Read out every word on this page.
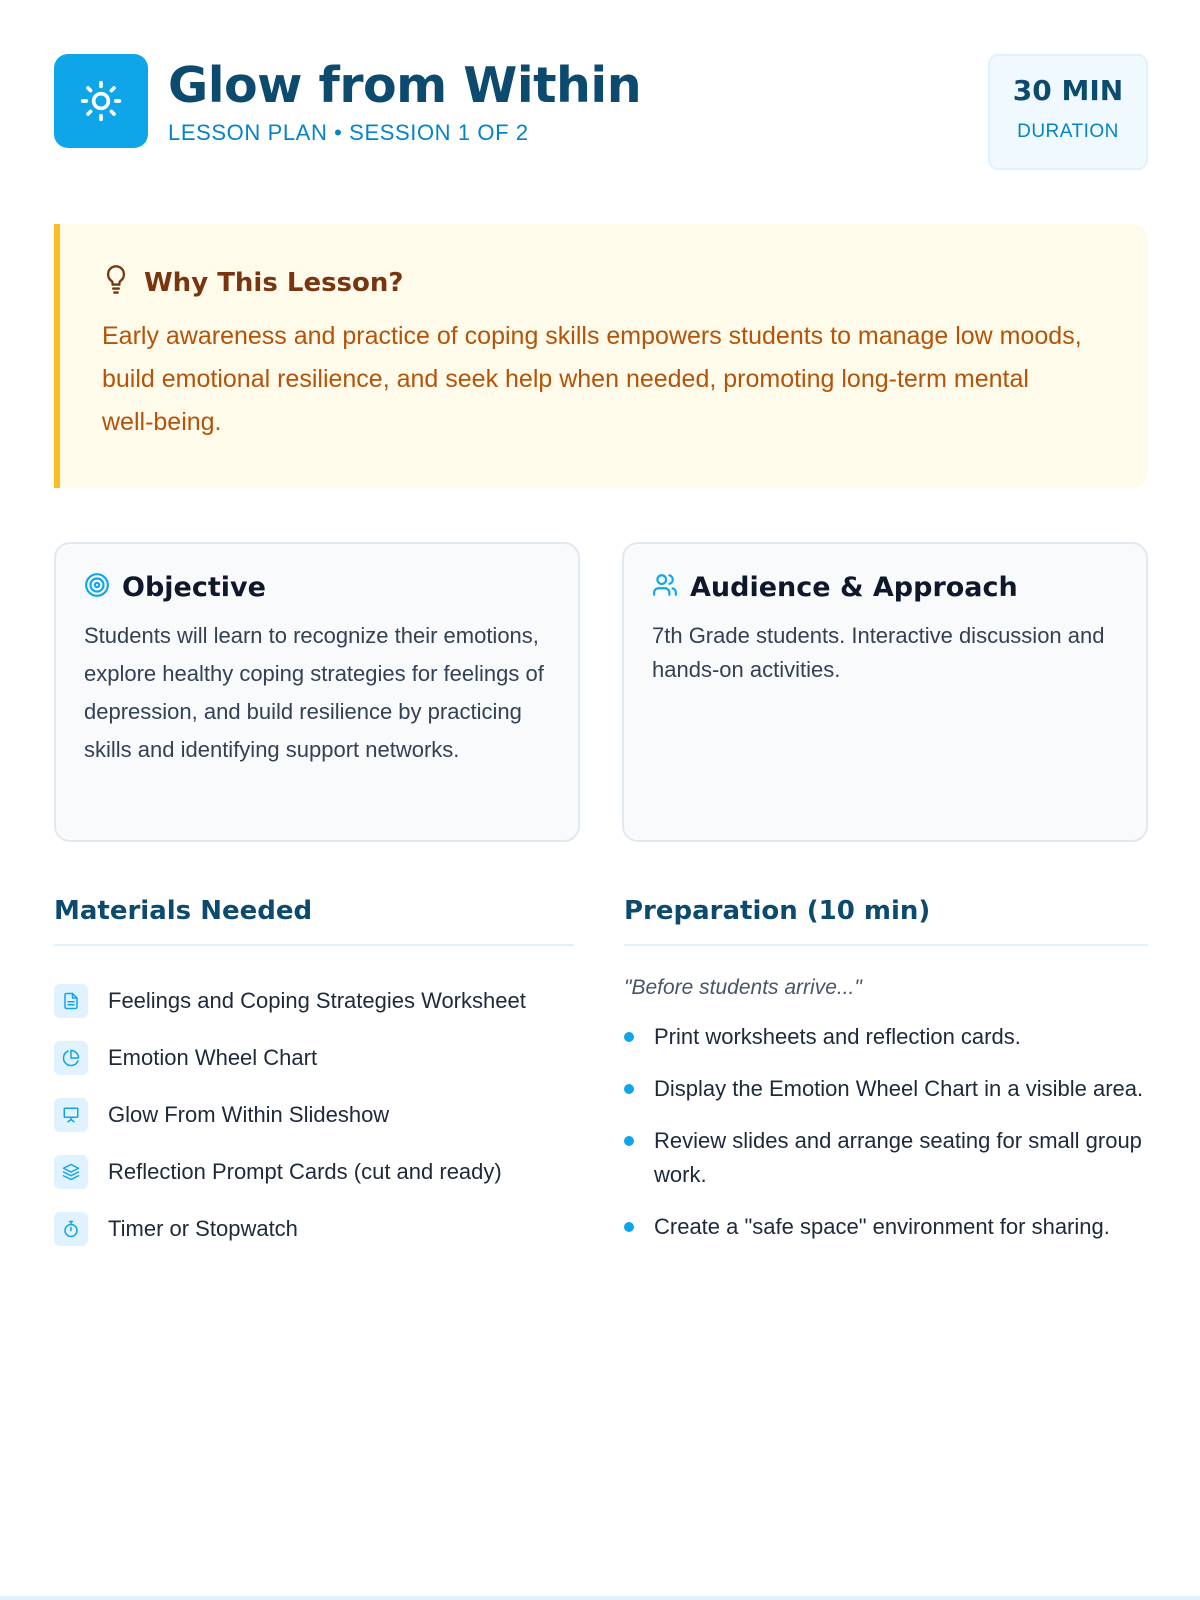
Glow from Within
LESSON PLAN • SESSION 1 OF 2
30 MIN
DURATION
Why This Lesson?
Early awareness and practice of coping skills empowers students to manage low moods, build emotional resilience, and seek help when needed, promoting long-term mental well-being.
Objective
Students will learn to recognize their emotions, explore healthy coping strategies for feelings of depression, and build resilience by practicing skills and identifying support networks.
Audience & Approach
7th Grade students. Interactive discussion and hands-on activities.
Materials Needed
Feelings and Coping Strategies Worksheet
Emotion Wheel Chart
Glow From Within Slideshow
Reflection Prompt Cards (cut and ready)
Timer or Stopwatch
Preparation (10 min)
"Before students arrive..."
Print worksheets and reflection cards.
Display the Emotion Wheel Chart in a visible area.
Review slides and arrange seating for small group work.
Create a "safe space" environment for sharing.
